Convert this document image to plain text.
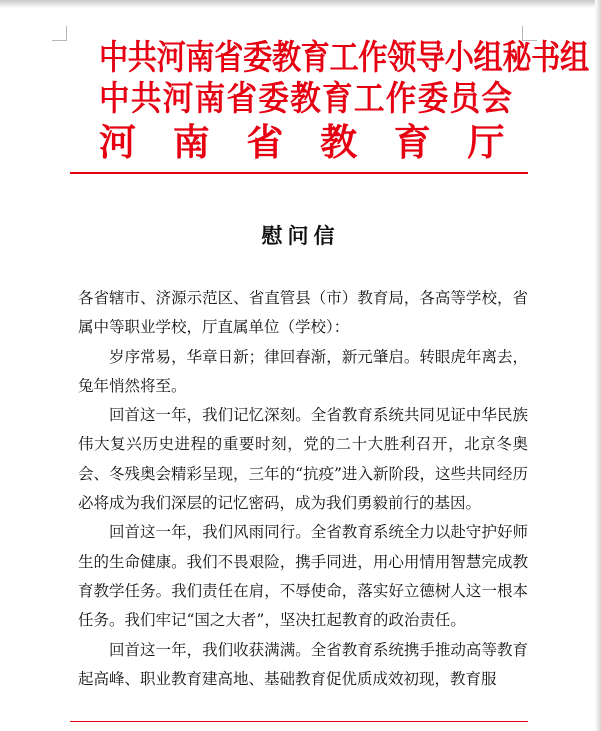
中共河南省委教育工作领导小组秘书组
中共河南省委教育工作委员会
河 南 省 教 育 厅
慰问信

各省辖市、济源示范区、省直管县（市）教育局，各高等学校，省属中等职业学校，厅直属单位（学校）：

岁序常易，华章日新；律回春渐，新元肇启。转眼虎年离去，兔年悄然将至。

回首这一年，我们记忆深刻。全省教育系统共同见证中华民族伟大复兴历史进程的重要时刻，党的二十大胜利召开，北京冬奥会、冬残奥会精彩呈现，三年的“抗疫”进入新阶段，这些共同经历必将成为我们深层的记忆密码，成为我们勇毅前行的基因。

回首这一年，我们风雨同行。全省教育系统全力以赴守护好师生的生命健康。我们不畏艰险，携手同进，用心用情用智慧完成教育教学任务。我们责任在肩，不辱使命，落实好立德树人这一根本任务。我们牢记“国之大者”，坚决扛起教育的政治责任。

回首这一年，我们收获满满。全省教育系统携手推动高等教育起高峰、职业教育建高地、基础教育促优质成效初现，教育服
